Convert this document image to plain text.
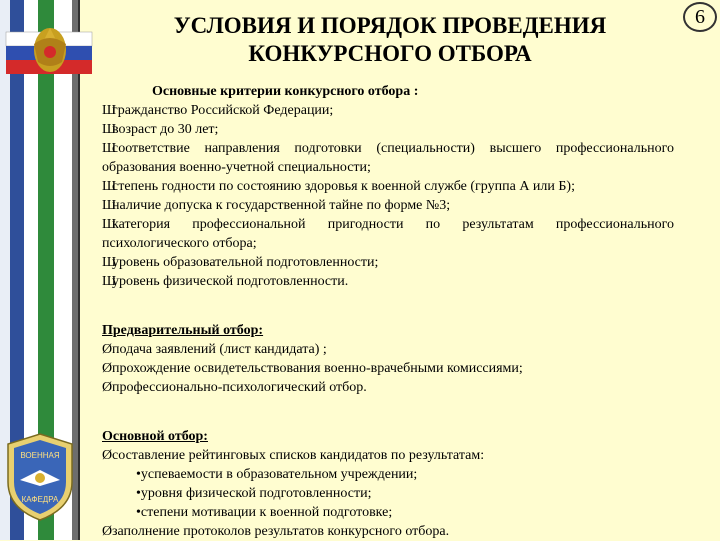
УСЛОВИЯ И ПОРЯДОК ПРОВЕДЕНИЯ
КОНКУРСНОГО ОТБОРА
6
Основные критерии конкурсного отбора :
Шгражданство Российской Федерации;
Швозраст до 30 лет;
Шсоответствие направления подготовки (специальности) высшего профессионального образования военно-учетной специальности;
Шстепень годности по состоянию здоровья к военной службе (группа А или Б);
Шналичие допуска к государственной тайне по форме №3;
Шкатегория профессиональной пригодности по результатам профессионального психологического отбора;
Шуровень образовательной подготовленности;
Шуровень физической подготовленности.
Предварительный отбор:
Øподача заявлений (лист кандидата) ;
Øпрохождение освидетельствования военно-врачебными комиссиями;
Øпрофессионально-психологический отбор.
Основной отбор:
Øсоставление рейтинговых списков кандидатов по результатам:
•успеваемости в образовательном учреждении;
•уровня физической подготовленности;
•степени мотивации к военной подготовке;
Øзаполнение протоколов результатов конкурсного отбора.
ВОЕННАЯ
КАФЕДРА
